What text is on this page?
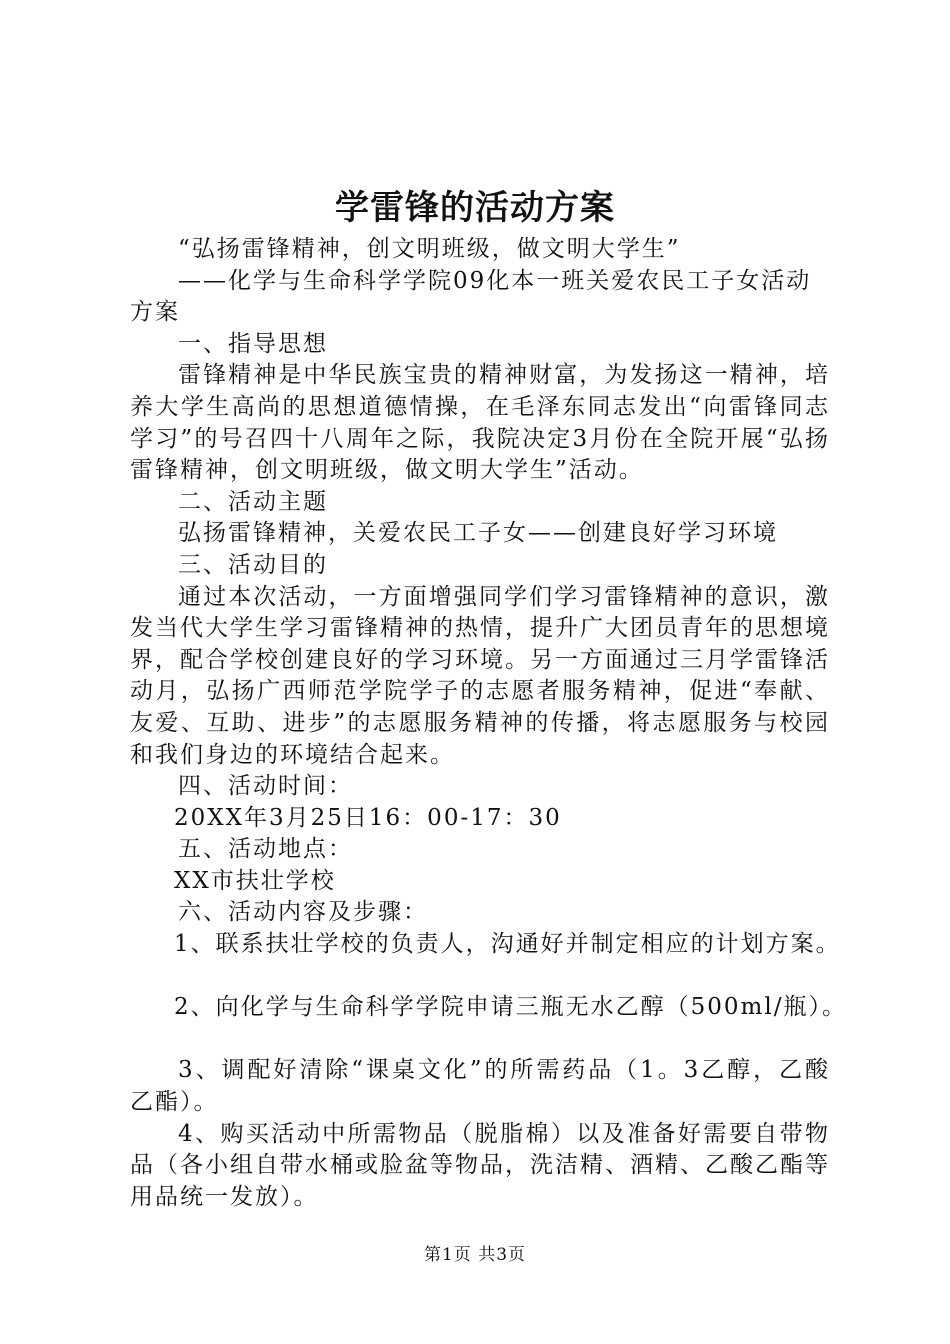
学雷锋的活动方案
“弘扬雷锋精神，创文明班级，做文明大学生”
——化学与生命科学学院09化本一班关爱农民工子女活动
方案
一、指导思想
雷锋精神是中华民族宝贵的精神财富，为发扬这一精神，培养大学生高尚的思想道德情操，在毛泽东同志发出“向雷锋同志学习”的号召四十八周年之际，我院决定3月份在全院开展“弘扬雷锋精神，创文明班级，做文明大学生”活动。
二、活动主题
弘扬雷锋精神，关爱农民工子女——创建良好学习环境
三、活动目的
通过本次活动，一方面增强同学们学习雷锋精神的意识，激发当代大学生学习雷锋精神的热情，提升广大团员青年的思想境界，配合学校创建良好的学习环境。另一方面通过三月学雷锋活动月，弘扬广西师范学院学子的志愿者服务精神，促进“奉献、友爱、互助、进步”的志愿服务精神的传播，将志愿服务与校园和我们身边的环境结合起来。
四、活动时间：
20XX年3月25日16：00-17：30
五、活动地点：
XX市扶壮学校
六、活动内容及步骤：
1、联系扶壮学校的负责人，沟通好并制定相应的计划方案。
2、向化学与生命科学学院申请三瓶无水乙醇（500ml/瓶）。
3、调配好清除“课桌文化”的所需药品（1。3乙醇，乙酸乙酯）。
4、购买活动中所需物品（脱脂棉）以及准备好需要自带物品（各小组自带水桶或脸盆等物品，洗洁精、酒精、乙酸乙酯等用品统一发放）。
第1页 共3页
